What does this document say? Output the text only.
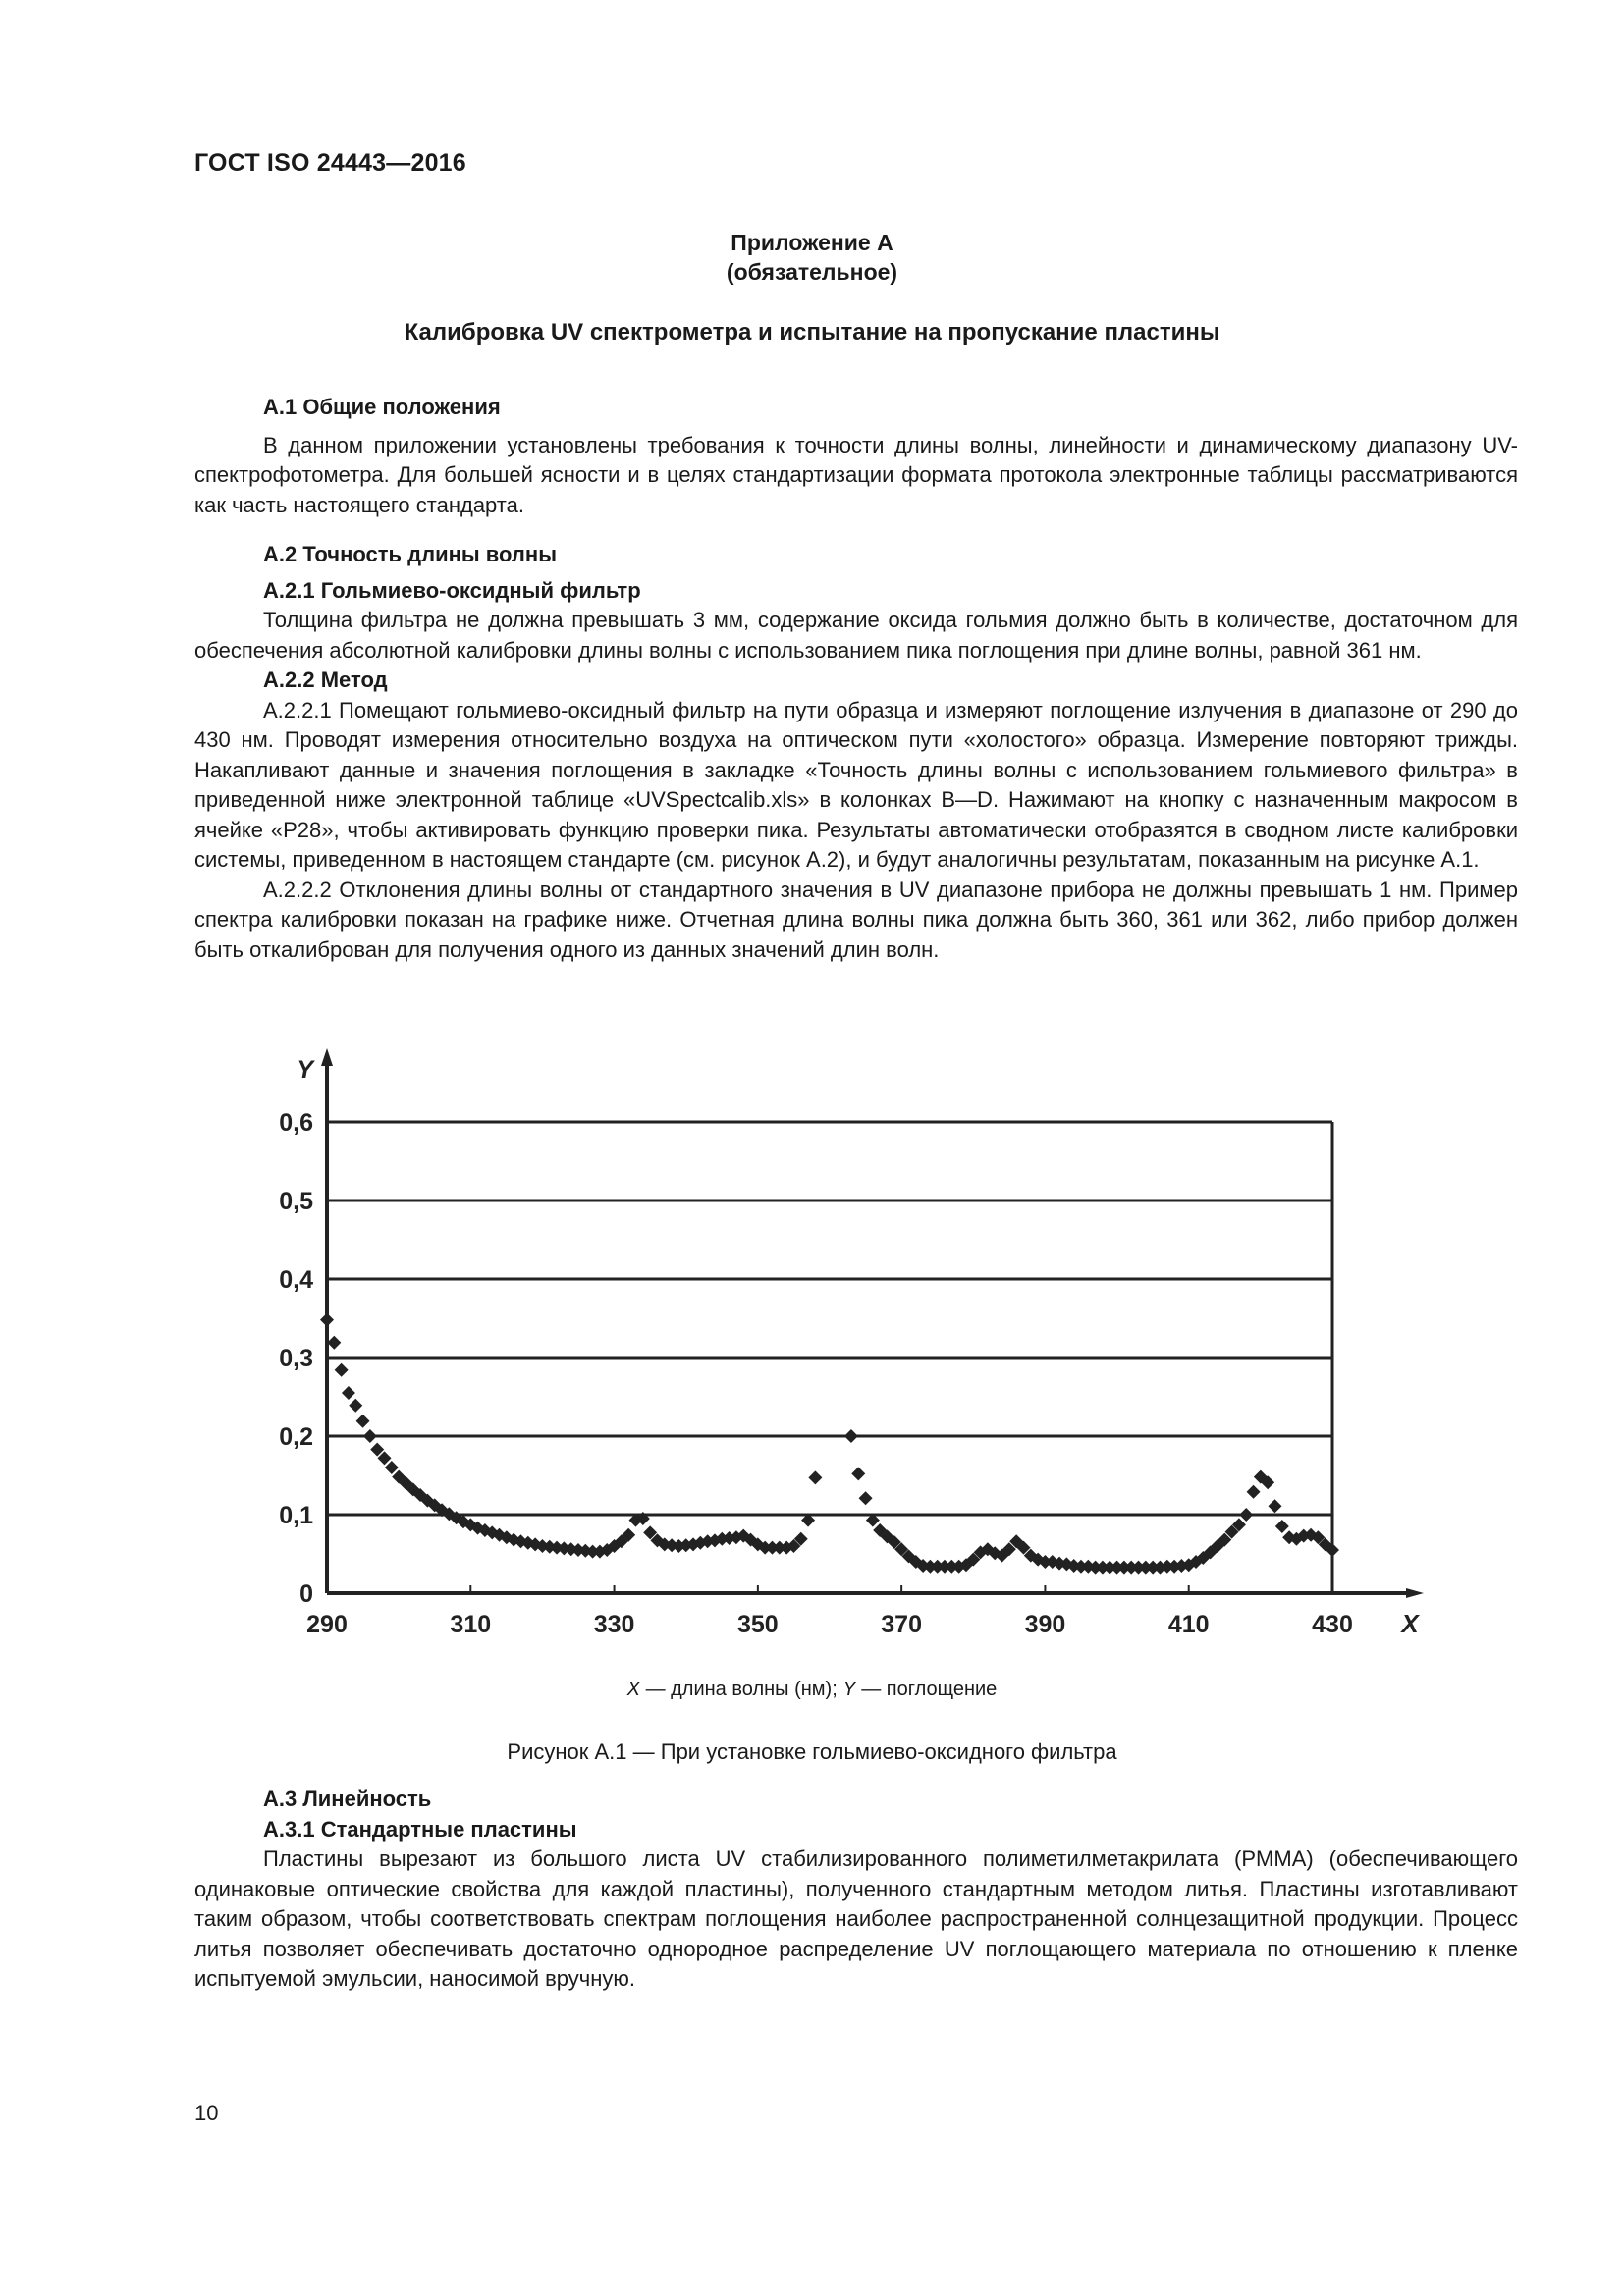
ГОСТ ISO 24443—2016
Приложение А
(обязательное)
Калибровка UV спектрометра и испытание на пропускание пластины
А.1 Общие положения

В данном приложении установлены требования к точности длины волны, линейности и динамическому диапазону UV-спектрофотометра. Для большей ясности и в целях стандартизации формата протокола электронные таблицы рассматриваются как часть настоящего стандарта.

А.2 Точность длины волны
А.2.1 Гольмиево-оксидный фильтр

Толщина фильтра не должна превышать 3 мм, содержание оксида гольмия должно быть в количестве, достаточном для обеспечения абсолютной калибровки длины волны с использованием пика поглощения при длине волны, равной 361 нм.

А.2.2 Метод

А.2.2.1 Помещают гольмиево-оксидный фильтр на пути образца и измеряют поглощение излучения в диапазоне от 290 до 430 нм. Проводят измерения относительно воздуха на оптическом пути «холостого» образца. Измерение повторяют трижды. Накапливают данные и значения поглощения в закладке «Точность длины волны с использованием гольмиевого фильтра» в приведенной ниже электронной таблице «UVSpectcalib.xls» в колонках В—D. Нажимают на кнопку с назначенным макросом в ячейке «Р28», чтобы активировать функцию проверки пика. Результаты автоматически отобразятся в сводном листе калибровки системы, приведенном в настоящем стандарте (см. рисунок А.2), и будут аналогичны результатам, показанным на рисунке А.1.

А.2.2.2 Отклонения длины волны от стандартного значения в UV диапазоне прибора не должны превышать 1 нм. Пример спектра калибровки показан на графике ниже. Отчетная длина волны пика должна быть 360, 361 или 362, либо прибор должен быть откалиброван для получения одного из данных значений длин волн.

0
0,1
0,2
0,3
0,4
0,5
0,6
Y
X
290	310	330	350	370	390	410	430
X — длина волны (нм); Y — поглощение
Рисунок А.1 — При установке гольмиево-оксидного фильтра
А.3 Линейность
А.3.1 Стандартные пластины

Пластины вырезают из большого листа UV стабилизированного полиметилметакрилата (PMMA) (обеспечивающего одинаковые оптические свойства для каждой пластины), полученного стандартным методом литья. Пластины изготавливают таким образом, чтобы соответствовать спектрам поглощения наиболее распространенной солнцезащитной продукции. Процесс литья позволяет обеспечивать достаточно однородное распределение UV поглощающего материала по отношению к пленке испытуемой эмульсии, наносимой вручную.

10
